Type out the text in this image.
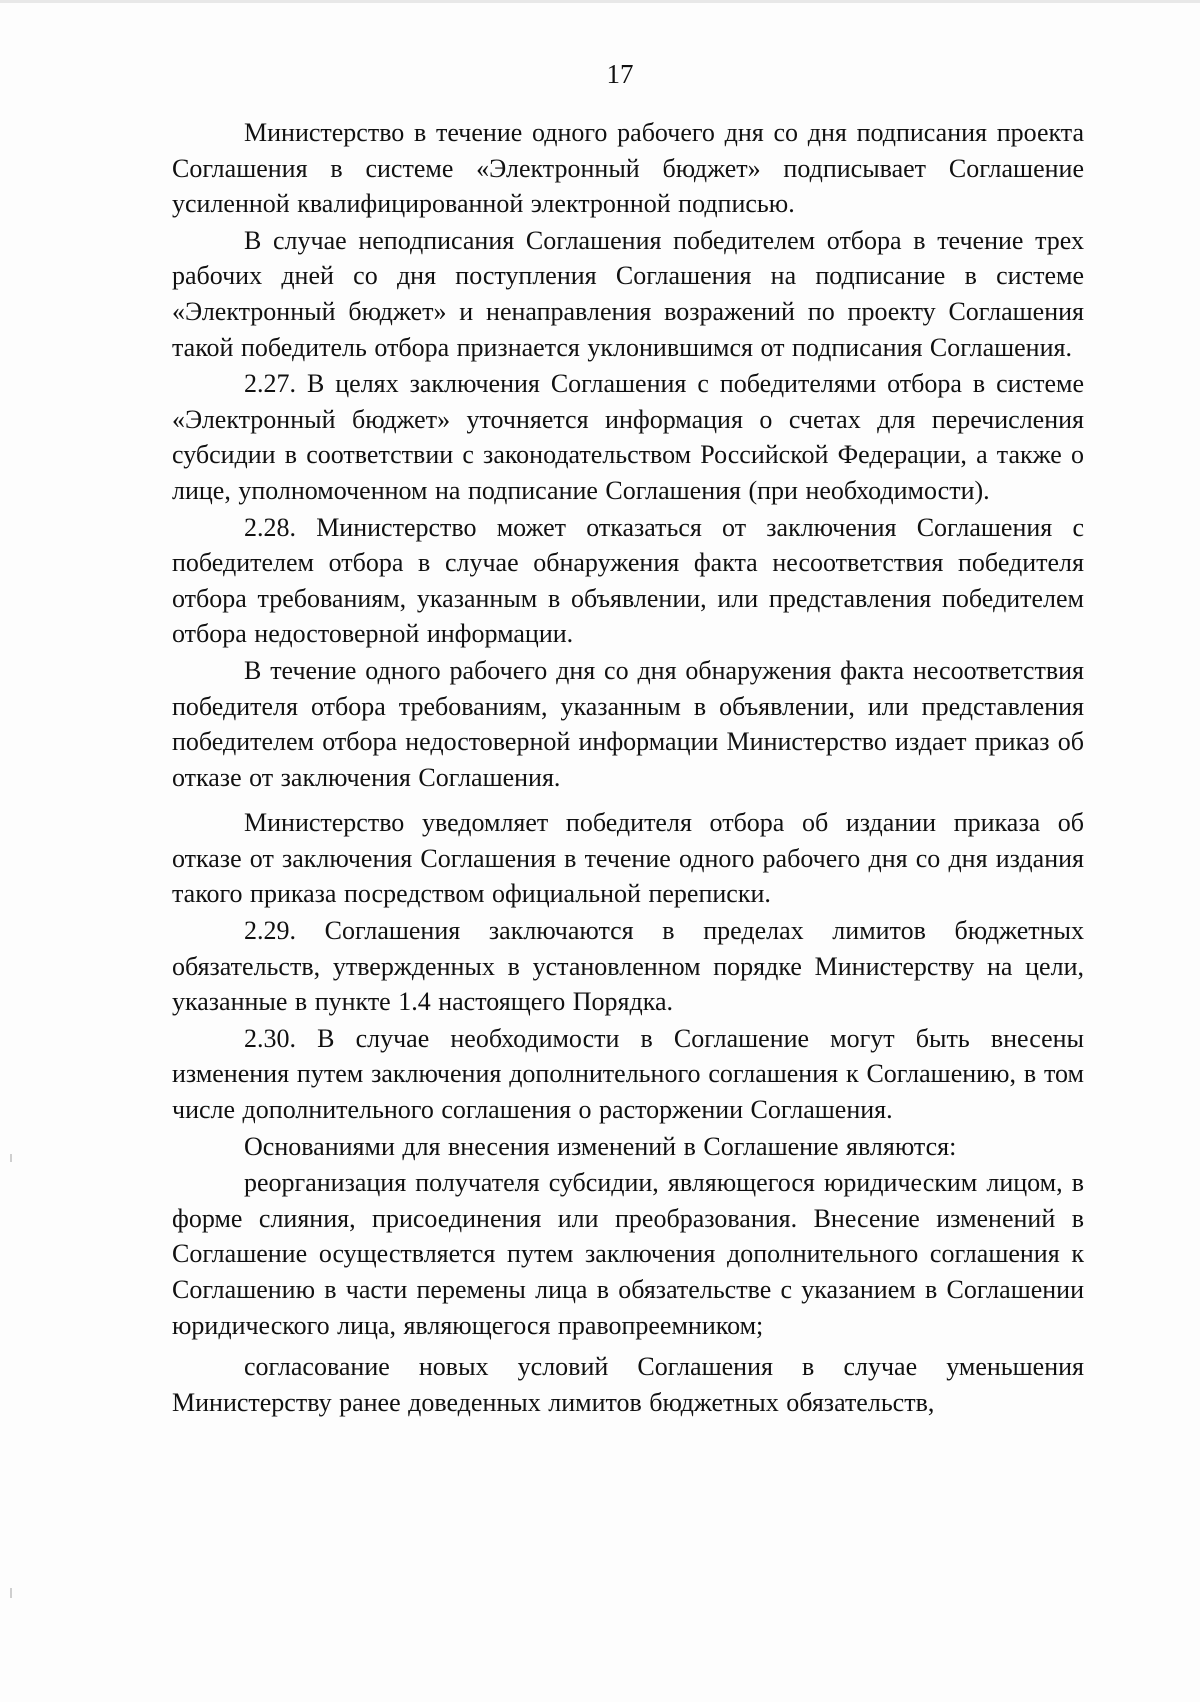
17

Министерство в течение одного рабочего дня со дня подписания проекта Соглашения в системе «Электронный бюджет» подписывает Соглашение усиленной квалифицированной электронной подписью.

В случае неподписания Соглашения победителем отбора в течение трех рабочих дней со дня поступления Соглашения на подписание в системе «Электронный бюджет» и ненаправления возражений по проекту Соглашения такой победитель отбора признается уклонившимся от подписания Соглашения.

2.27. В целях заключения Соглашения с победителями отбора в системе «Электронный бюджет» уточняется информация о счетах для перечисления субсидии в соответствии с законодательством Российской Федерации, а также о лице, уполномоченном на подписание Соглашения (при необходимости).

2.28. Министерство может отказаться от заключения Соглашения с победителем отбора в случае обнаружения факта несоответствия победителя отбора требованиям, указанным в объявлении, или представления победителем отбора недостоверной информации.

В течение одного рабочего дня со дня обнаружения факта несоответствия победителя отбора требованиям, указанным в объявлении, или представления победителем отбора недостоверной информации Министерство издает приказ об отказе от заключения Соглашения.

Министерство уведомляет победителя отбора об издании приказа об отказе от заключения Соглашения в течение одного рабочего дня со дня издания такого приказа посредством официальной переписки.

2.29. Соглашения заключаются в пределах лимитов бюджетных обязательств, утвержденных в установленном порядке Министерству на цели, указанные в пункте 1.4 настоящего Порядка.

2.30. В случае необходимости в Соглашение могут быть внесены изменения путем заключения дополнительного соглашения к Соглашению, в том числе дополнительного соглашения о расторжении Соглашения.

Основаниями для внесения изменений в Соглашение являются:

реорганизация получателя субсидии, являющегося юридическим лицом, в форме слияния, присоединения или преобразования. Внесение изменений в Соглашение осуществляется путем заключения дополнительного соглашения к Соглашению в части перемены лица в обязательстве с указанием в Соглашении юридического лица, являющегося правопреемником;

согласование новых условий Соглашения в случае уменьшения Министерству ранее доведенных лимитов бюджетных обязательств,
